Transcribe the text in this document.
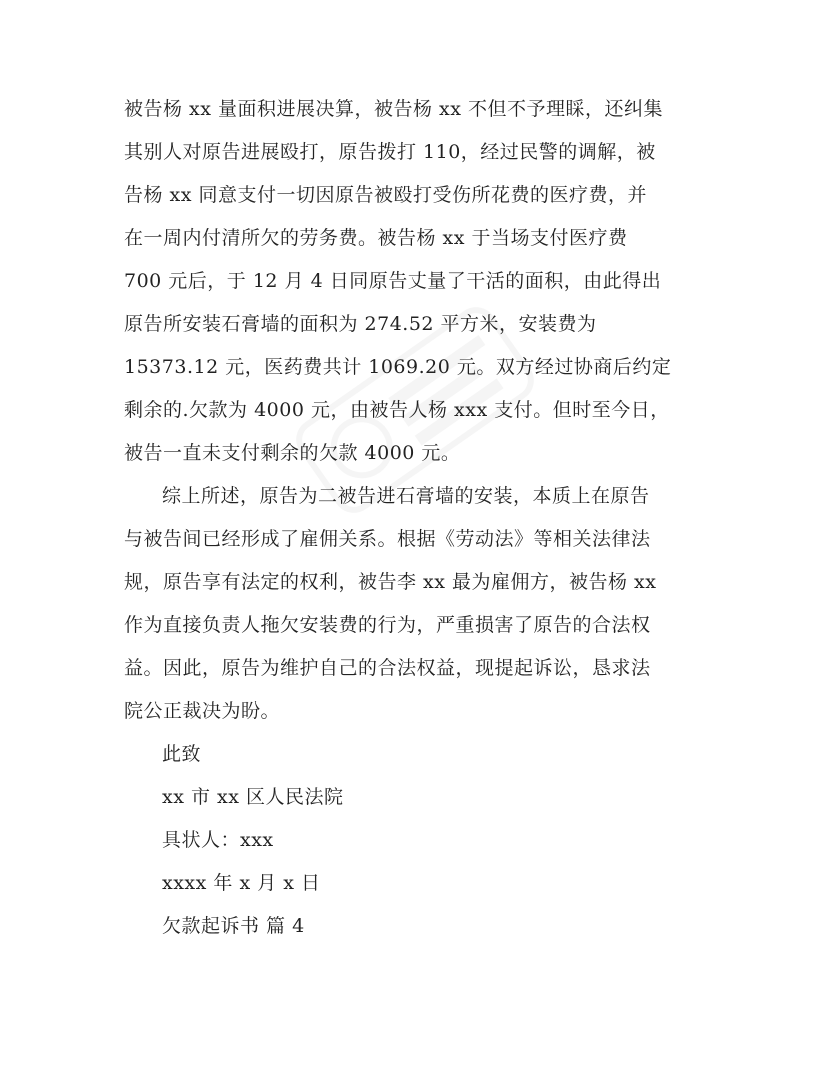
被告杨 xx 量面积进展决算，被告杨 xx 不但不予理睬，还纠集
其别人对原告进展殴打，原告拨打 110，经过民警的调解，被
告杨 xx 同意支付一切因原告被殴打受伤所花费的医疗费，并
在一周内付清所欠的劳务费。被告杨 xx 于当场支付医疗费
700 元后，于 12 月 4 日同原告丈量了干活的面积，由此得出
原告所安装石膏墙的面积为 274.52 平方米，安装费为
15373.12 元，医药费共计 1069.20 元。双方经过协商后约定
剩余的.欠款为 4000 元，由被告人杨 xxx 支付。但时至今日，
被告一直未支付剩余的欠款 4000 元。
综上所述，原告为二被告进石膏墙的安装，本质上在原告
与被告间已经形成了雇佣关系。根据《劳动法》等相关法律法
规，原告享有法定的权利，被告李 xx 最为雇佣方，被告杨 xx
作为直接负责人拖欠安装费的行为，严重损害了原告的合法权
益。因此，原告为维护自己的合法权益，现提起诉讼，恳求法
院公正裁决为盼。
此致
xx 市 xx 区人民法院
具状人：xxx
xxxx 年 x 月 x 日
欠款起诉书 篇 4
